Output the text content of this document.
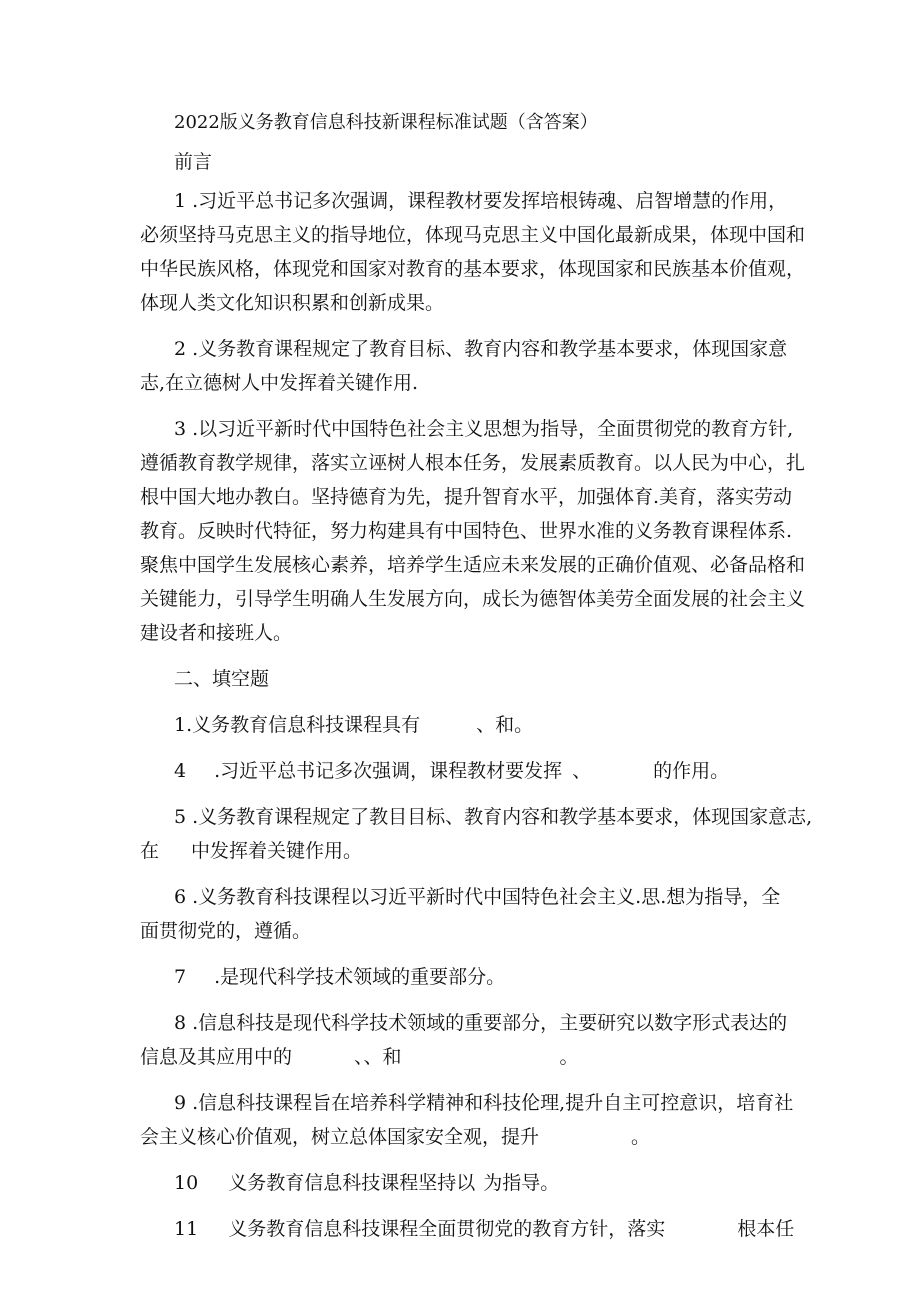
2022版义务教育信息科技新课程标准试题（含答案）
前言
1 .习近平总书记多次强调，课程教材要发挥培根铸魂、启智增慧的作用，
必须坚持马克思主义的指导地位，体现马克思主义中国化最新成果，体现中国和
中华民族风格，体现党和国家对教育的基本要求，体现国家和民族基本价值观，
体现人类文化知识积累和创新成果。
2 .义务教育课程规定了教育目标、教育内容和教学基本要求，体现国家意
志,在立德树人中发挥着关键作用.
3 .以习近平新时代中国特色社会主义思想为指导，全面贯彻党的教育方针,
遵循教育教学规律，落实立诬树人根本任务，发展素质教育。以人民为中心，扎
根中国大地办教白。坚持德育为先，提升智育水平，加强体育.美育，落实劳动
教育。反映时代特征，努力构建具有中国特色、世界水准的义务教育课程体系.
聚焦中国学生发展核心素养，培养学生适应未来发展的正确价值观、必备品格和
关键能力，引导学生明确人生发展方向，成长为德智体美劳全面发展的社会主义
建设者和接班人。
二、填空题
1.义务教育信息科技课程具有	、和。
4 .习近平总书记多次强调，课程教材要发挥 、	的作用。
5 .义务教育课程规定了教目目标、教育内容和教学基本要求，体现国家意志,
在 中发挥着关键作用。
6 .义务教育科技课程以习近平新时代中国特色社会主义.思.想为指导，全
面贯彻党的，遵循。
7 .是现代科学技术领域的重要部分。
8 .信息科技是现代科学技术领域的重要部分，主要研究以数字形式表达的
信息及其应用中的	、、和	。
9 .信息科技课程旨在培养科学精神和科技伦理,提升自主可控意识，培育社
会主义核心价值观，树立总体国家安全观，提升	。
10 义务教育信息科技课程坚持以 为指导。
11 义务教育信息科技课程全面贯彻党的教育方针，落实	根本任
